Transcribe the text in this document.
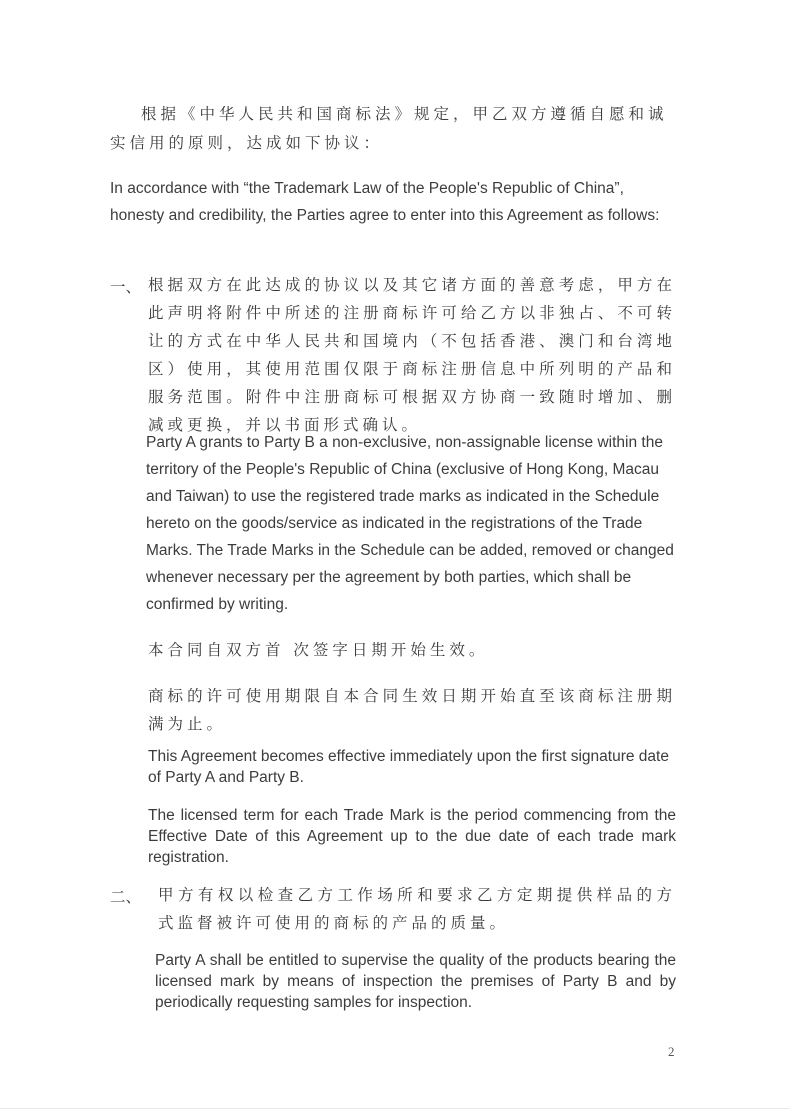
根据《中华人民共和国商标法》规定，甲乙双方遵循自愿和诚实信用的原则，达成如下协议：

In accordance with “the Trademark Law of the People's Republic of China”, honesty and credibility, the Parties agree to enter into this Agreement as follows:

一、 根据双方在此达成的协议以及其它诸方面的善意考虑，甲方在此声明将附件中所述的注册商标许可给乙方以非独占、不可转让的方式在中华人民共和国境内（不包括香港、澳门和台湾地区）使用，其使用范围仅限于商标注册信息中所列明的产品和服务范围。附件中注册商标可根据双方协商一致随时增加、删减或更换，并以书面形式确认。

Party A grants to Party B a non-exclusive, non-assignable license within the territory of the People's Republic of China (exclusive of Hong Kong, Macau and Taiwan) to use the registered trade marks as indicated in the Schedule hereto on the goods/service as indicated in the registrations of the Trade Marks. The Trade Marks in the Schedule can be added, removed or changed whenever necessary per the agreement by both parties, which shall be confirmed by writing.

本合同自双方首 次签字日期开始生效。

商标的许可使用期限自本合同生效日期开始直至该商标注册期满为止。

This Agreement becomes effective immediately upon the first signature date of Party A and Party B.

The licensed term for each Trade Mark is the period commencing from the Effective Date of this Agreement up to the due date of each trade mark registration.

二、 甲方有权以检查乙方工作场所和要求乙方定期提供样品的方式监督被许可使用的商标的产品的质量。

Party A shall be entitled to supervise the quality of the products bearing the licensed mark by means of inspection the premises of Party B and by periodically requesting samples for inspection.

2
